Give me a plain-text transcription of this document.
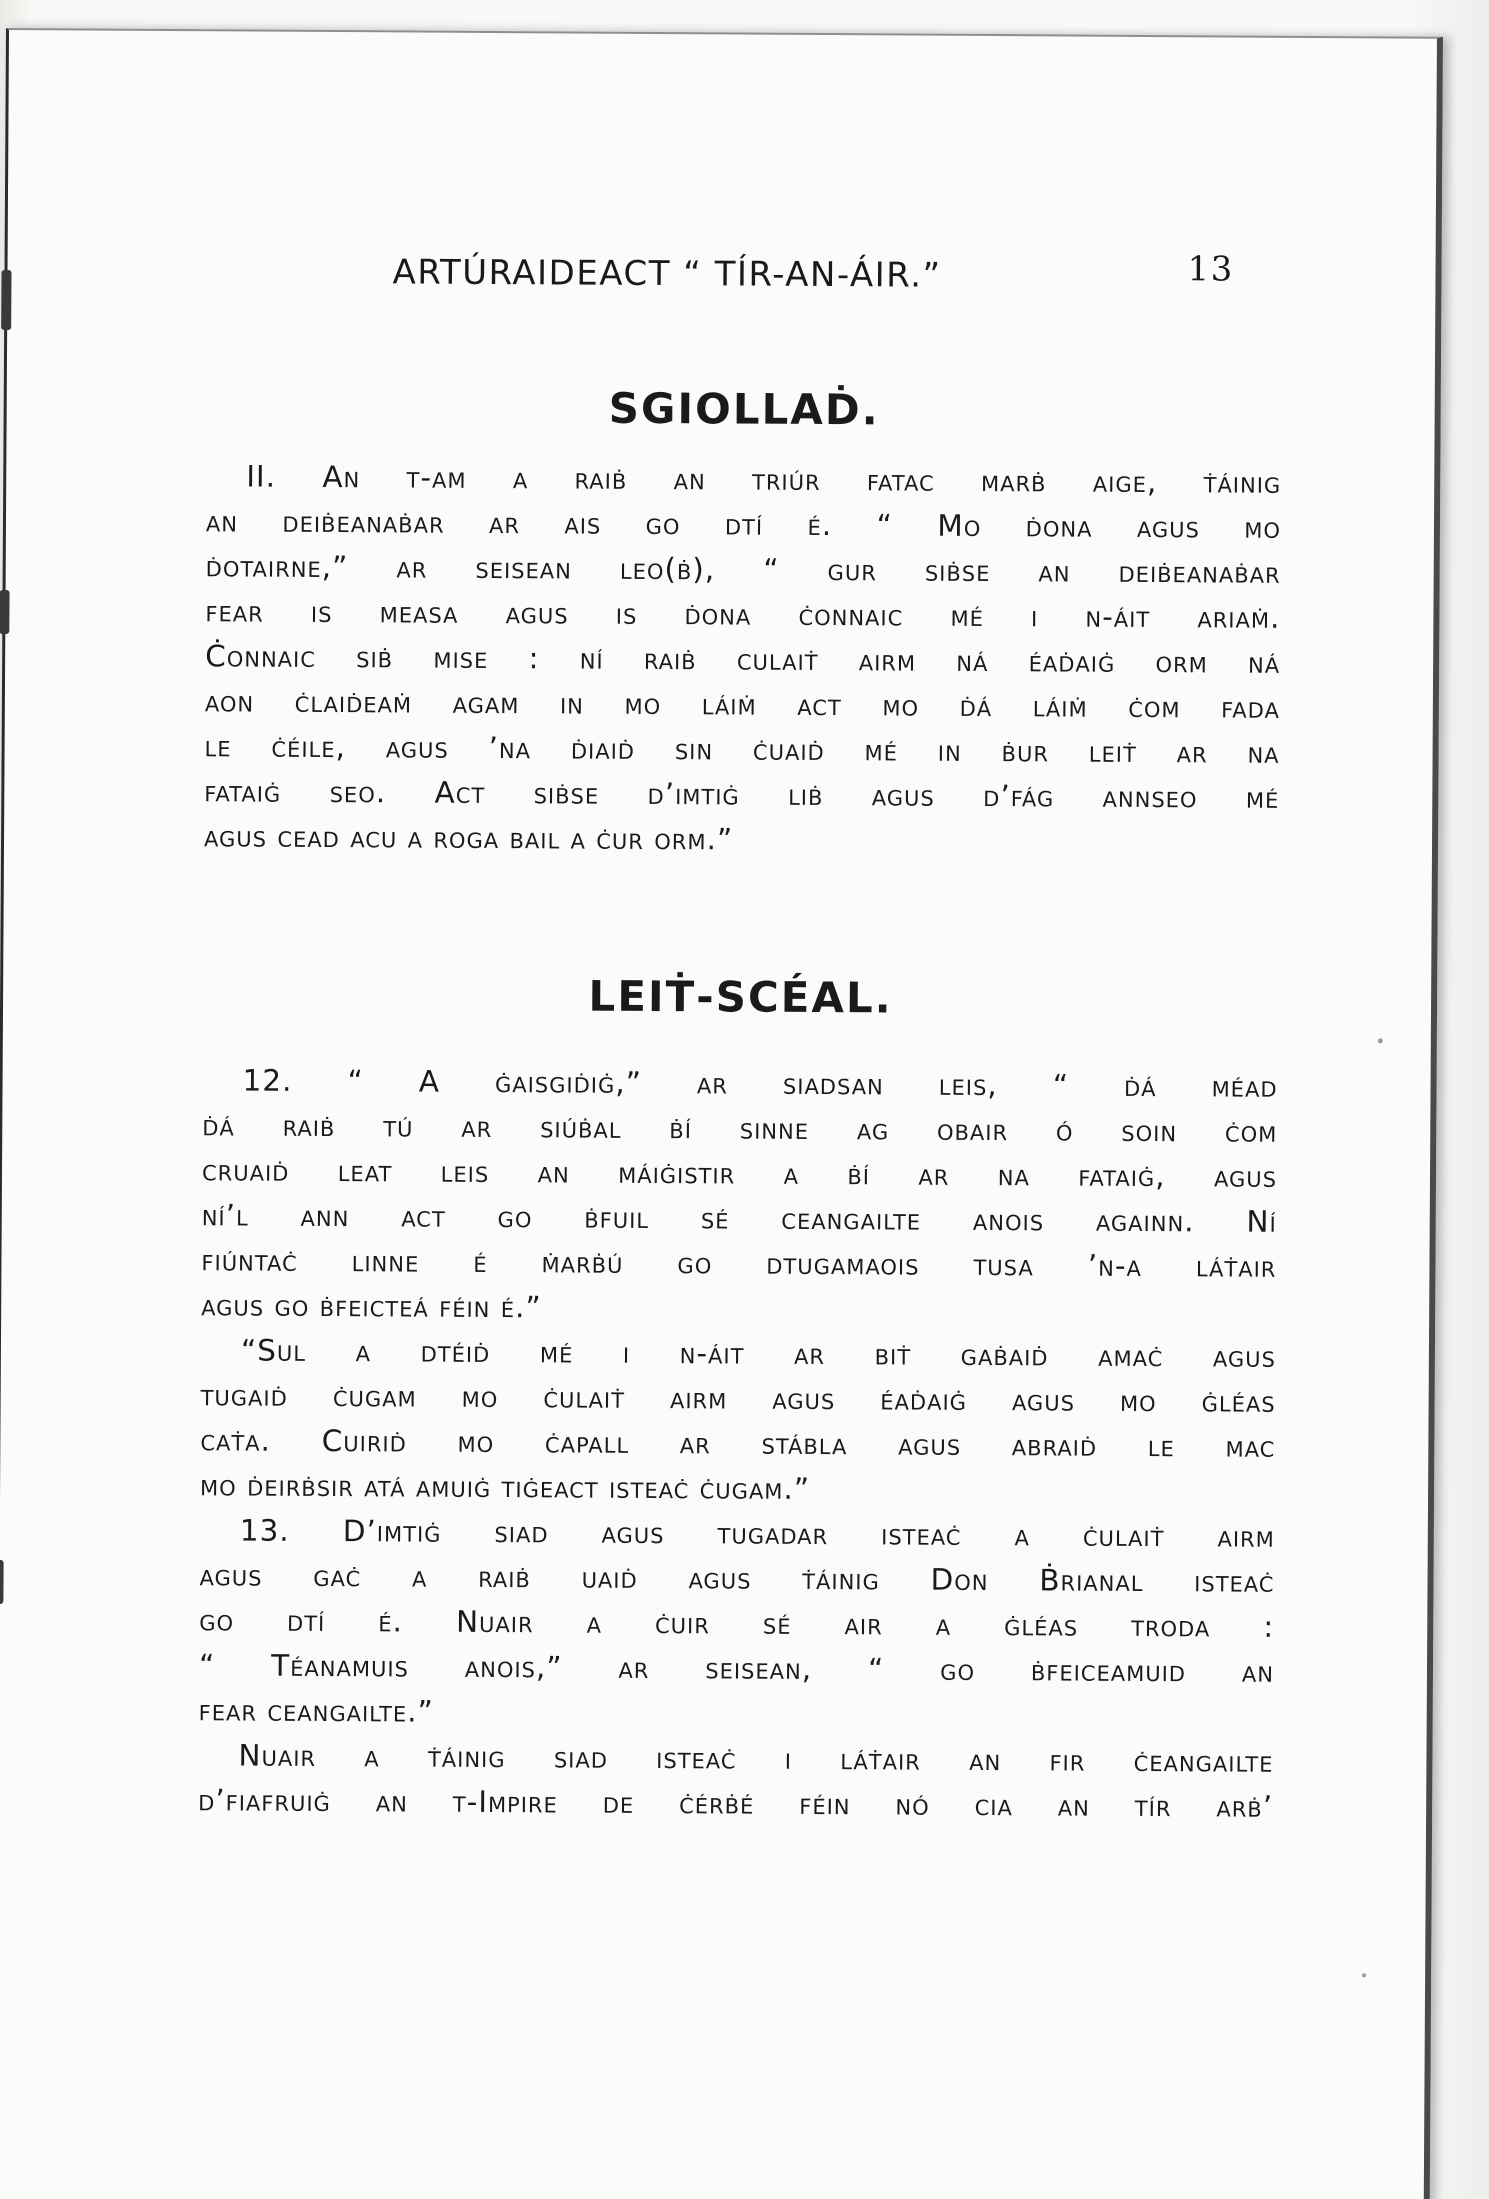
ARTÚRAIDEACT “ TÍR-AN-ÁIR.”	13
SGIOLLAḊ.
II. An t-am a raiḃ an triúr fatac marḃ aige, ṫáinig
an deiḃeanaḃar ar ais go dtí é. “ Mo ḋona agus mo
ḋotairne,” ar seisean leo(ḃ), “ gur siḃse an deiḃeanaḃar
fear is measa agus is ḋona ċonnaic mé i n-áit ariaṁ.
Ċonnaic siḃ mise : ní raiḃ culaiṫ airm ná éaḋaiġ orm ná
aon ċlaiḋeaṁ agam in mo láiṁ act mo ḋá láiṁ ċom fada
le ċéile, agus ’na ḋiaiḋ sin ċuaiḋ mé in ḃur leiṫ ar na
fataiġ seo. Act siḃse d’imtiġ liḃ agus d’fág annseo mé
agus cead acu a roga bail a ċur orm.”
LEIṪ-SCÉAL.
12. “ A ġaisgiḋiġ,” ar siadsan leis, “ ḋá méad
ḋá raiḃ tú ar siúḃal ḃí sinne ag obair ó soin ċom
cruaiḋ leat leis an máiġistir a ḃí ar na fataiġ, agus
ní’l ann act go ḃfuil sé ceangailte anois againn. Ní
fiúntaċ linne é ṁarḃú go dtugamaois tusa ’n-a láṫair
agus go ḃfeicteá féin é.”
“Sul a dtéiḋ mé i n-áit ar biṫ gaḃaiḋ amaċ agus
tugaiḋ ċugam mo ċulaiṫ airm agus éaḋaiġ agus mo ġléas
caṫa. Cuiriḋ mo ċapall ar stábla agus abraiḋ le mac
mo ḋeirḃsir atá amuiġ tiġeact isteaċ ċugam.”
13. D’imtiġ siad agus tugadar isteaċ a ċulaiṫ airm
agus gaċ a raiḃ uaiḋ agus ṫáinig Don Ḃrianal isteaċ
go dtí é. Nuair a ċuir sé air a ġléas troda :
“ Téanamuis anois,” ar seisean, “ go ḃfeiceamuid an
fear ceangailte.”
Nuair a ṫáinig siad isteaċ i láṫair an fir ċeangailte
d’fiafruiġ an t-Impire de ċérḃé féin nó cia an tír arḃ’
